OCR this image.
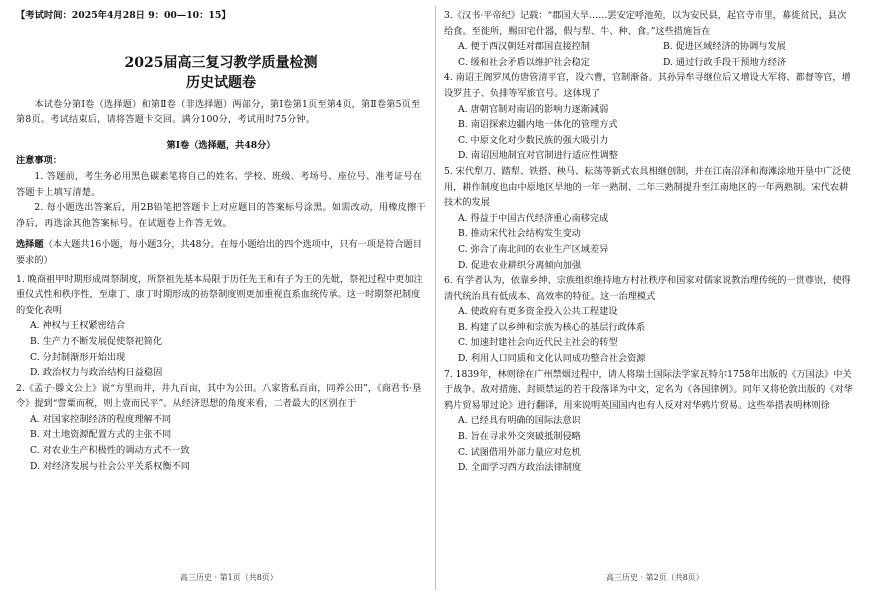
【考试时间：2025年4月28日 9：00—10：15】
2025届高三复习教学质量检测
历史试题卷
本试卷分第Ⅰ卷（选择题）和第Ⅱ卷（非选择题）两部分，第Ⅰ卷第1页至第4页，第Ⅱ卷第5页至第8页。考试结束后，请将答题卡交回。满分100分，考试用时75分钟。
第Ⅰ卷（选择题，共48分）
注意事项：
1. 答题前，考生务必用黑色碳素笔将自己的姓名、学校、班级、考场号、座位号、准考证号在答题卡上填写清楚。
2. 每小题选出答案后，用2B铅笔把答题卡上对应题目的答案标号涂黑。如需改动，用橡皮擦干净后，再选涂其他答案标号。在试题卷上作答无效。
选择题（本大题共16小题，每小题3分，共48分。在每小题给出的四个选项中，只有一项是符合题目要求的）
1. 晚商祖甲时期形成周祭制度，所祭祖先基本局限于历任先王和有子为王的先妣，祭祀过程中更加注重仪式性和秩序性，至康丁、康丁时期形成的祊祭制度则更加重视直系血统传承。这一时期祭祀制度的变化表明
A. 神权与王权紧密结合
B. 生产力不断发展促使祭祀简化
C. 分封制渐形开始出现
D. 政治权力与政治结构日益稳固
2.《孟子·滕文公上》说“方里而井，井九百亩，其中为公田。八家皆私百亩，同养公田”，《商君书·垦令》提到“訾粟而税，则上壹而民平”。从经济思想的角度来看，二者最大的区别在于
A. 对国家控制经济的程度理解不同
B. 对土地资源配置方式的主张不同
C. 对农业生产积极性的调动方式不一致
D. 对经济发展与社会公平关系权衡不同
3.《汉书·平帝纪》记载：“郡国大旱……罢安定呼池苑，以为安民县，起官寺市里，募徙贫民，县次给食。至徙所，赐田宅什器，假与犁、牛、种、食。”这些措施旨在
A. 便于西汉朝廷对郡国直接控制	B. 促进区域经济的协调与发展
C. 缓和社会矛盾以维护社会稳定	D. 通过行政手段干预地方经济
4. 南诏王阁罗凤仿唐管清平官，设六曹，官制渐备。其孙异牟寻继位后又增设大军将、都督等官，增设罗苴子、负排等军旅官号。这体现了
A. 唐朝官制对南诏的影响力逐渐减弱
B. 南诏探索边疆内地一体化的管理方式
C. 中原文化对少数民族的强大吸引力
D. 南诏因地制宜对官制进行适应性调整
5. 宋代犁刀、踏犁、铁搭、秧马、耘荡等新式农具相继创制，并在江南沼泽和海滩涂地开垦中广泛使用，耕作制度也由中原地区旱地的一年一熟制、二年三熟制提升至江南地区的一年两熟制。宋代农耕技术的发展
A. 得益于中国古代经济重心南移完成
B. 推动宋代社会结构发生变动
C. 弥合了南北间的农业生产区域差异
D. 促进农业耕织分离倾向加强
6. 有学者认为，依靠乡绅、宗族组织维持地方村社秩序和国家对儒家说教治理传统的一贯尊崇，使得清代统治具有低成本、高效率的特征。这一治理模式
A. 使政府有更多资金投入公共工程建设
B. 构建了以乡绅和宗族为核心的基层行政体系
C. 加速封建社会向近代民主社会的转型
D. 利用人口同质和文化认同成功整合社会资源
7. 1839年，林则徐在广州禁烟过程中，请人将瑞士国际法学家瓦特尔1758年出版的《万国法》中关于战争、敌对措施、封锁禁运的若干段落译为中文，定名为《各国律例》。同年又将伦敦出版的《对华鸦片贸易罪过论》进行翻译，用来说明英国国内也有人反对对华鸦片贸易。这些举措表明林则徐
A. 已经具有明确的国际法意识
B. 旨在寻求外交突破抵制侵略
C. 试图借用外部力量应对危机
D. 全面学习西方政治法律制度
高三历史 · 第1页（共8页）	高三历史 · 第2页（共8页）
